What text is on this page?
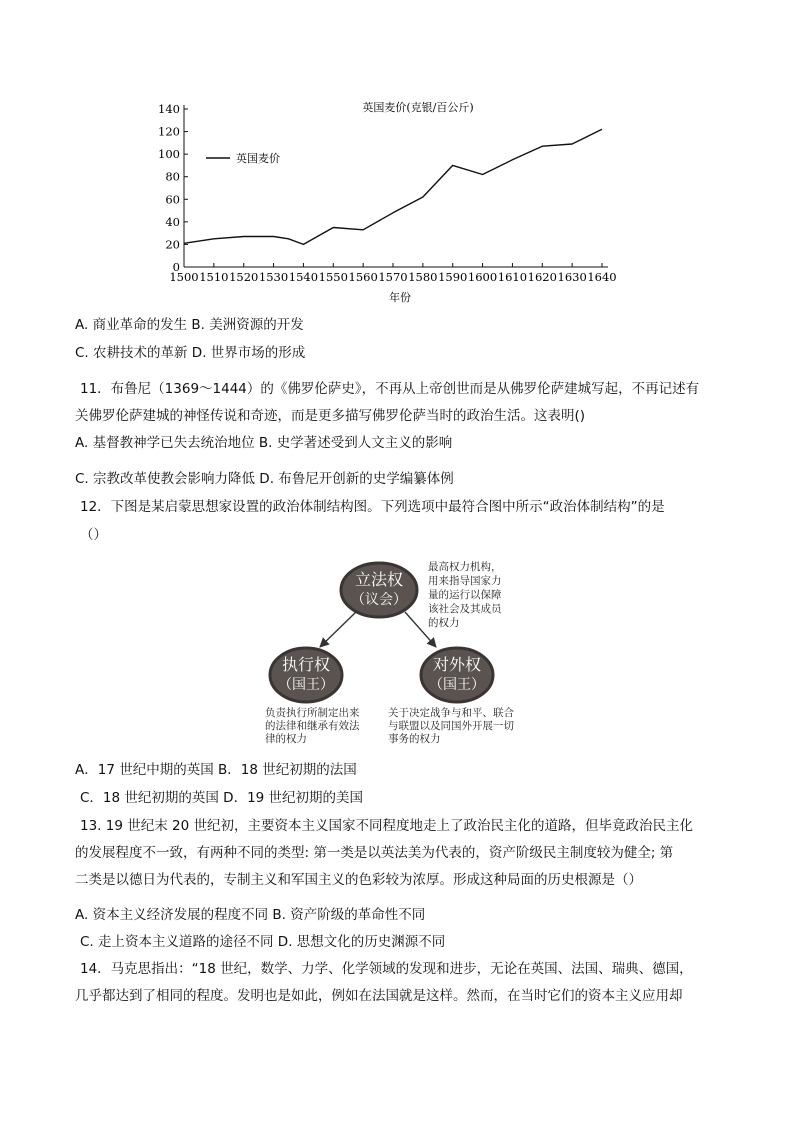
英国麦价(克银/百公斤)
0
20
40
60
80
100
120
140
1500 1510 1520 1530 1540 1550 1560 1570 1580 1590 1600 1610 1620 1630 1640
英国麦价
年份
A. 商业革命的发生 B. 美洲资源的开发
C. 农耕技术的革新 D. 世界市场的形成
11．布鲁尼（1369～1444）的《佛罗伦萨史》，不再从上帝创世而是从佛罗伦萨建城写起，不再记述有
关佛罗伦萨建城的神怪传说和奇迹，而是更多描写佛罗伦萨当时的政治生活。这表明()
A. 基督教神学已失去统治地位 B. 史学著述受到人文主义的影响
C. 宗教改革使教会影响力降低 D. 布鲁尼开创新的史学编纂体例
12．下图是某启蒙思想家设置的政治体制结构图。下列选项中最符合图中所示“政治体制结构”的是
（）
立法权
（议会）
执行权
（国王）
对外权
（国王）
最高权力机构，
用来指导国家力
量的运行以保障
该社会及其成员
的权力
负责执行所制定出来
的法律和继承有效法
律的权力
关于决定战争与和平、联合
与联盟以及同国外开展一切
事务的权力
A．17 世纪中期的英国 B．18 世纪初期的法国
C．18 世纪初期的英国 D．19 世纪初期的美国
13. 19 世纪末 20 世纪初，主要资本主义国家不同程度地走上了政治民主化的道路，但毕竟政治民主化
的发展程度不一致，有两种不同的类型: 第一类是以英法美为代表的，资产阶级民主制度较为健全; 第
二类是以德日为代表的，专制主义和军国主义的色彩较为浓厚。形成这种局面的历史根源是（）
A. 资本主义经济发展的程度不同 B. 资产阶级的革命性不同
C. 走上资本主义道路的途径不同 D. 思想文化的历史渊源不同
14．马克思指出：“18 世纪，数学、力学、化学领域的发现和进步，无论在英国、法国、瑞典、德国，
几乎都达到了相同的程度。发明也是如此，例如在法国就是这样。然而，在当时它们的资本主义应用却
